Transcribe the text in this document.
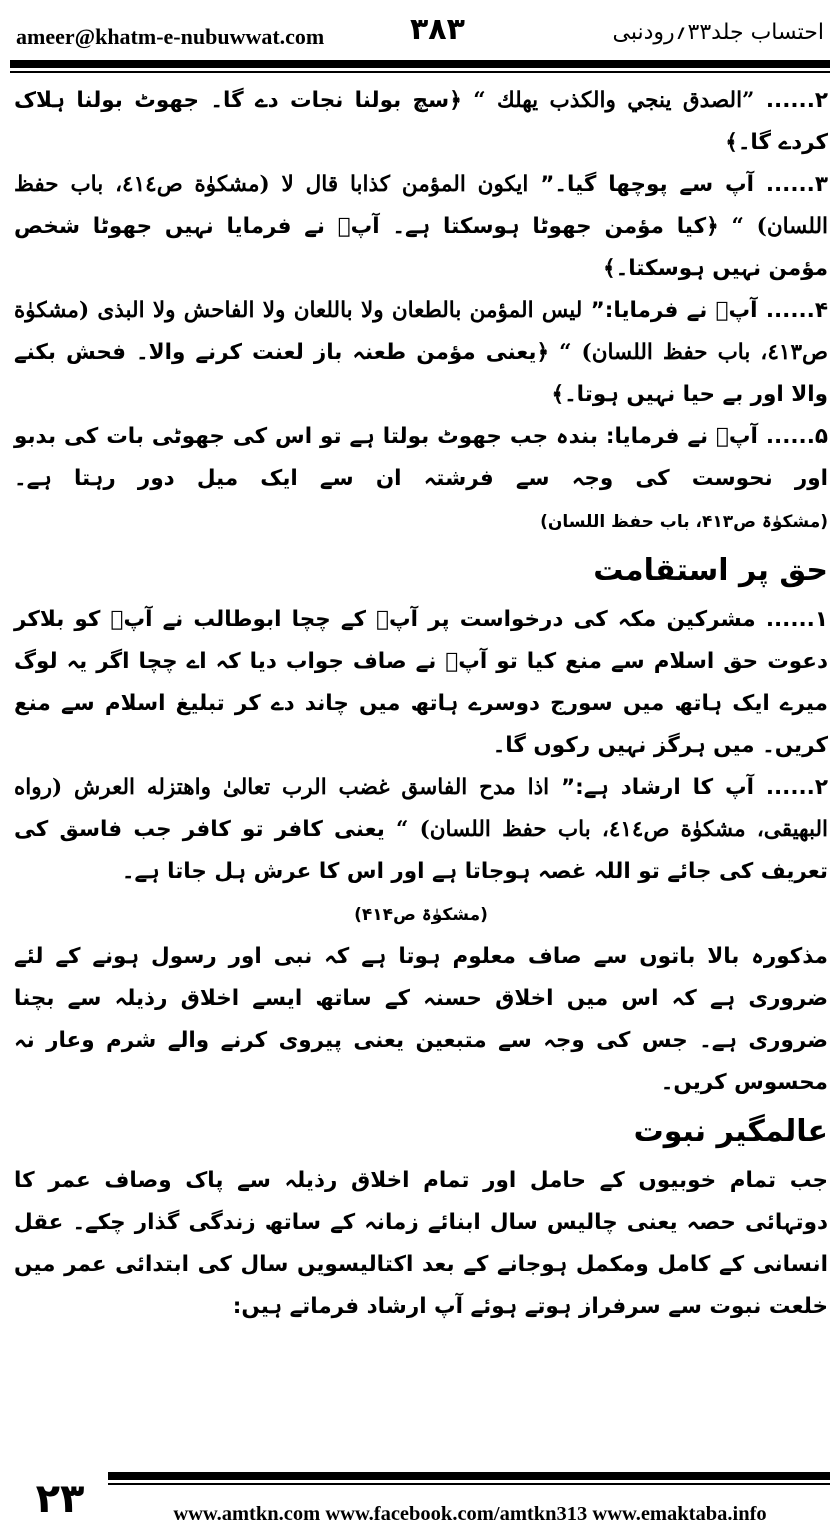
ameer@khatm-e-nubuwwat.com	۳۸۳	احتساب جلد۳۳؍رودنبی

۲...... ”الصدق ينجي والكذب يهلك “ ﴿سچ بولنا نجات دے گا۔ جھوٹ بولنا ہلاک کردے گا۔﴾

۳...... آپ سے پوچھا گیا۔” ايكون المؤمن كذابا قال لا (مشكوٰة ص٤١٤، باب حفظ اللسان) “ ﴿کیا مؤمن جھوٹا ہوسکتا ہے۔ آپؐ نے فرمایا نہیں جھوٹا شخص مؤمن نہیں ہوسکتا۔﴾

۴...... آپؐ نے فرمایا:” ليس المؤمن بالطعان ولا باللعان ولا الفاحش ولا البذى (مشكوٰة ص٤١٣، باب حفظ اللسان) “ ﴿یعنی مؤمن طعنہ باز لعنت کرنے والا۔ فحش بکنے والا اور بے حیا نہیں ہوتا۔﴾

۵...... آپؐ نے فرمایا: بندہ جب جھوٹ بولتا ہے تو اس کی جھوٹی بات کی بدبو اور نحوست کی وجہ سے فرشتہ ان سے ایک میل دور رہتا ہے۔ (مشکوٰۃ ص۴۱۳، باب حفظ اللسان)

حق پر استقامت

۱...... مشرکین مکہ کی درخواست پر آپؐ کے چچا ابوطالب نے آپؐ کو بلاکر دعوت حق اسلام سے منع کیا تو آپؐ نے صاف جواب دیا کہ اے چچا اگر یہ لوگ میرے ایک ہاتھ میں سورج دوسرے ہاتھ میں چاند دے کر تبلیغ اسلام سے منع کریں۔ میں ہرگز نہیں رکوں گا۔

۲...... آپ کا ارشاد ہے:” اذا مدح الفاسق غضب الرب تعالىٰ واهتزله العرش (رواه البهيقى، مشكوٰة ص٤١٤، باب حفظ اللسان) “ یعنی کافر تو کافر جب فاسق کی تعریف کی جائے تو اللہ غصہ ہوجاتا ہے اور اس کا عرش ہل جاتا ہے۔

(مشکوٰۃ ص۴۱۴)

مذکورہ بالا باتوں سے صاف معلوم ہوتا ہے کہ نبی اور رسول ہونے کے لئے ضروری ہے کہ اس میں اخلاق حسنہ کے ساتھ ایسے اخلاق رذیلہ سے بچنا ضروری ہے۔ جس کی وجہ سے متبعین یعنی پیروی کرنے والے شرم وعار نہ محسوس کریں۔

عالمگیر نبوت

جب تمام خوبیوں کے حامل اور تمام اخلاق رذیلہ سے پاک وصاف عمر کا دوتہائی حصہ یعنی چالیس سال ابنائے زمانہ کے ساتھ زندگی گذار چکے۔ عقل انسانی کے کامل ومکمل ہوجانے کے بعد اکتالیسویں سال کی ابتدائی عمر میں خلعت نبوت سے سرفراز ہوتے ہوئے آپ ارشاد فرماتے ہیں:

۲۳	www.amtkn.com www.facebook.com/amtkn313 www.emaktaba.info
